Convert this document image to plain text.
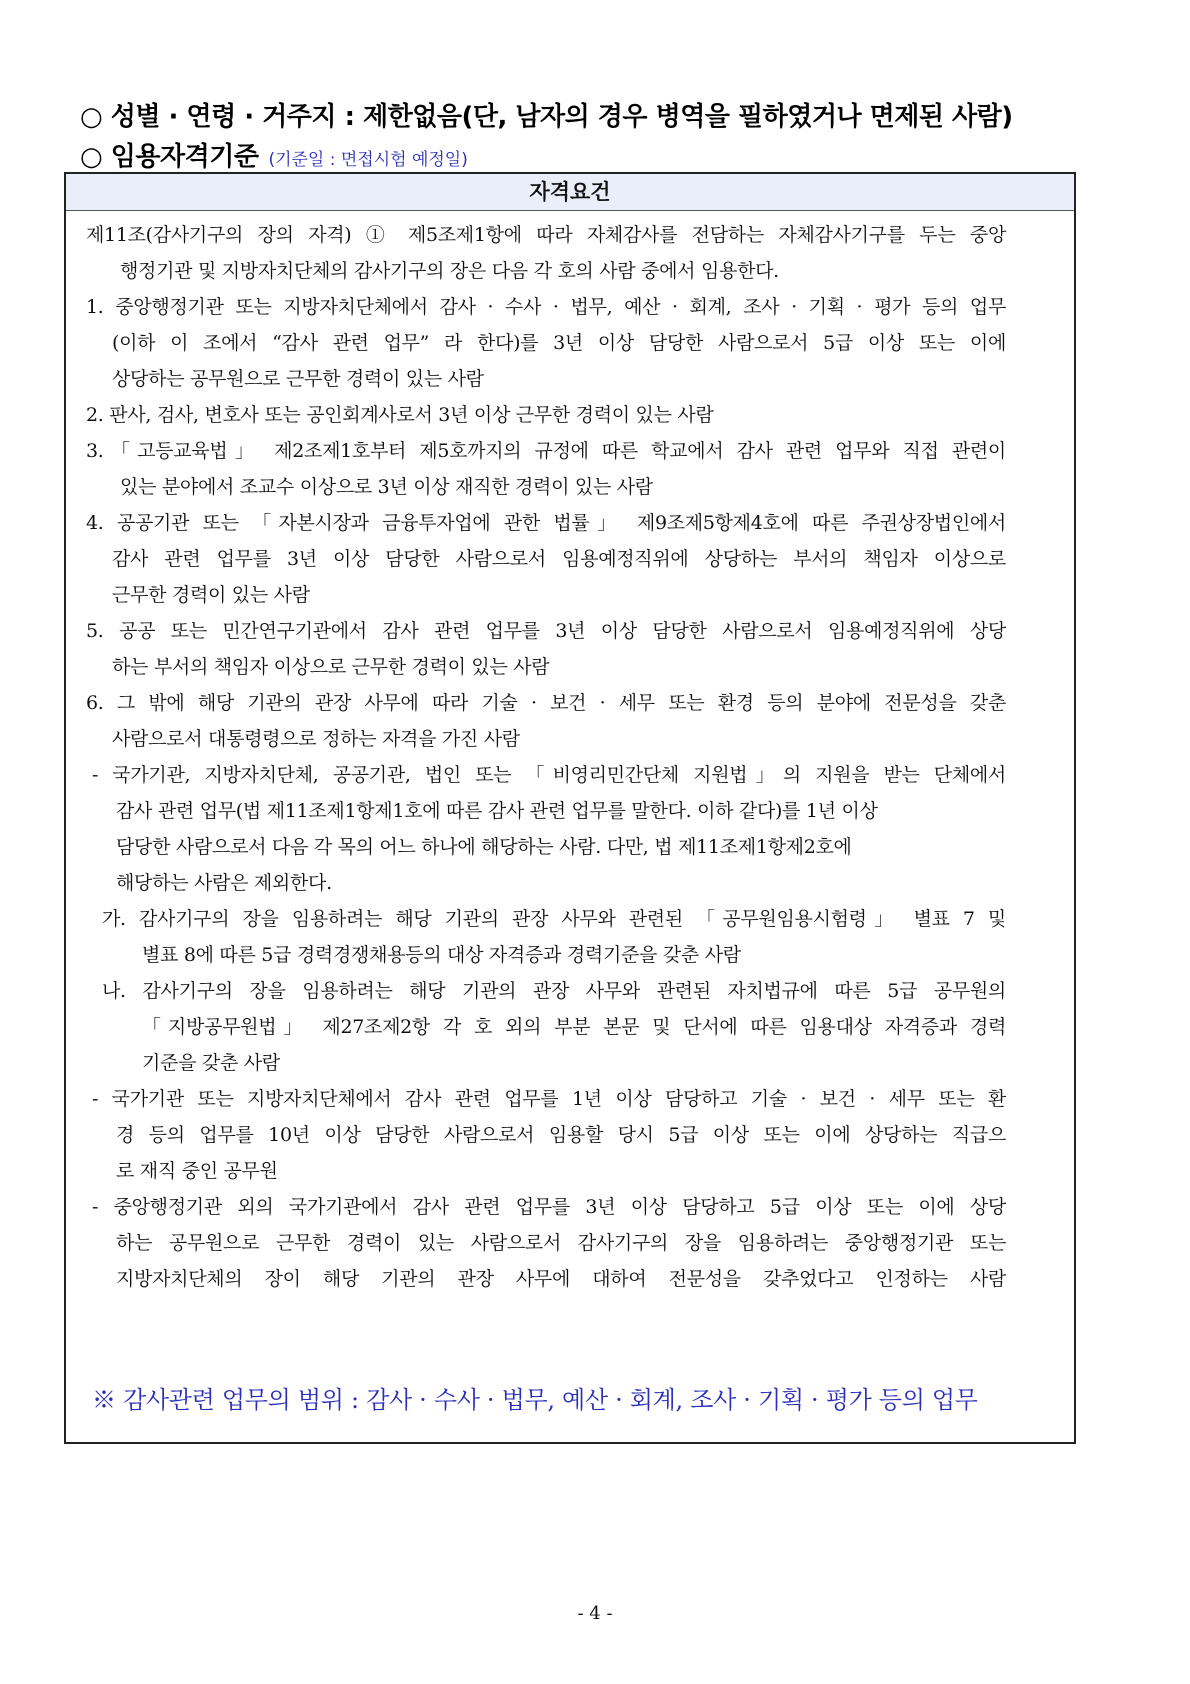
○ 성별 · 연령 · 거주지 : 제한없음(단, 남자의 경우 병역을 필하였거나 면제된 사람)
○ 임용자격기준 (기준일 : 면접시험 예정일)
자격요건
제11조(감사기구의 장의 자격) ① 제5조제1항에 따라 자체감사를 전담하는 자체감사기구를 두는 중앙
행정기관 및 지방자치단체의 감사기구의 장은 다음 각 호의 사람 중에서 임용한다.
1. 중앙행정기관 또는 지방자치단체에서 감사 · 수사 · 법무, 예산 · 회계, 조사 · 기획 · 평가 등의 업무
(이하 이 조에서 “감사 관련 업무” 라 한다)를 3년 이상 담당한 사람으로서 5급 이상 또는 이에
상당하는 공무원으로 근무한 경력이 있는 사람
2. 판사, 검사, 변호사 또는 공인회계사로서 3년 이상 근무한 경력이 있는 사람
3.「고등교육법」 제2조제1호부터 제5호까지의 규정에 따른 학교에서 감사 관련 업무와 직접 관련이
있는 분야에서 조교수 이상으로 3년 이상 재직한 경력이 있는 사람
4. 공공기관 또는 「자본시장과 금융투자업에 관한 법률」 제9조제5항제4호에 따른 주권상장법인에서
감사 관련 업무를 3년 이상 담당한 사람으로서 임용예정직위에 상당하는 부서의 책임자 이상으로
근무한 경력이 있는 사람
5. 공공 또는 민간연구기관에서 감사 관련 업무를 3년 이상 담당한 사람으로서 임용예정직위에 상당
하는 부서의 책임자 이상으로 근무한 경력이 있는 사람
6. 그 밖에 해당 기관의 관장 사무에 따라 기술 · 보건 · 세무 또는 환경 등의 분야에 전문성을 갖춘
사람으로서 대통령령으로 정하는 자격을 가진 사람
- 국가기관, 지방자치단체, 공공기관, 법인 또는 「비영리민간단체 지원법」의 지원을 받는 단체에서
감사 관련 업무(법 제11조제1항제1호에 따른 감사 관련 업무를 말한다. 이하 같다)를 1년 이상
담당한 사람으로서 다음 각 목의 어느 하나에 해당하는 사람. 다만, 법 제11조제1항제2호에
해당하는 사람은 제외한다.
가. 감사기구의 장을 임용하려는 해당 기관의 관장 사무와 관련된 「공무원임용시험령」 별표 7 및
별표 8에 따른 5급 경력경쟁채용등의 대상 자격증과 경력기준을 갖춘 사람
나. 감사기구의 장을 임용하려는 해당 기관의 관장 사무와 관련된 자치법규에 따른 5급 공무원의
「지방공무원법」 제27조제2항 각 호 외의 부분 본문 및 단서에 따른 임용대상 자격증과 경력
기준을 갖춘 사람
- 국가기관 또는 지방자치단체에서 감사 관련 업무를 1년 이상 담당하고 기술 · 보건 · 세무 또는 환
경 등의 업무를 10년 이상 담당한 사람으로서 임용할 당시 5급 이상 또는 이에 상당하는 직급으
로 재직 중인 공무원
- 중앙행정기관 외의 국가기관에서 감사 관련 업무를 3년 이상 담당하고 5급 이상 또는 이에 상당
하는 공무원으로 근무한 경력이 있는 사람으로서 감사기구의 장을 임용하려는 중앙행정기관 또는
지방자치단체의 장이 해당 기관의 관장 사무에 대하여 전문성을 갖추었다고 인정하는 사람
※ 감사관련 업무의 범위 : 감사 · 수사 · 법무, 예산 · 회계, 조사 · 기획 · 평가 등의 업무
- 4 -
